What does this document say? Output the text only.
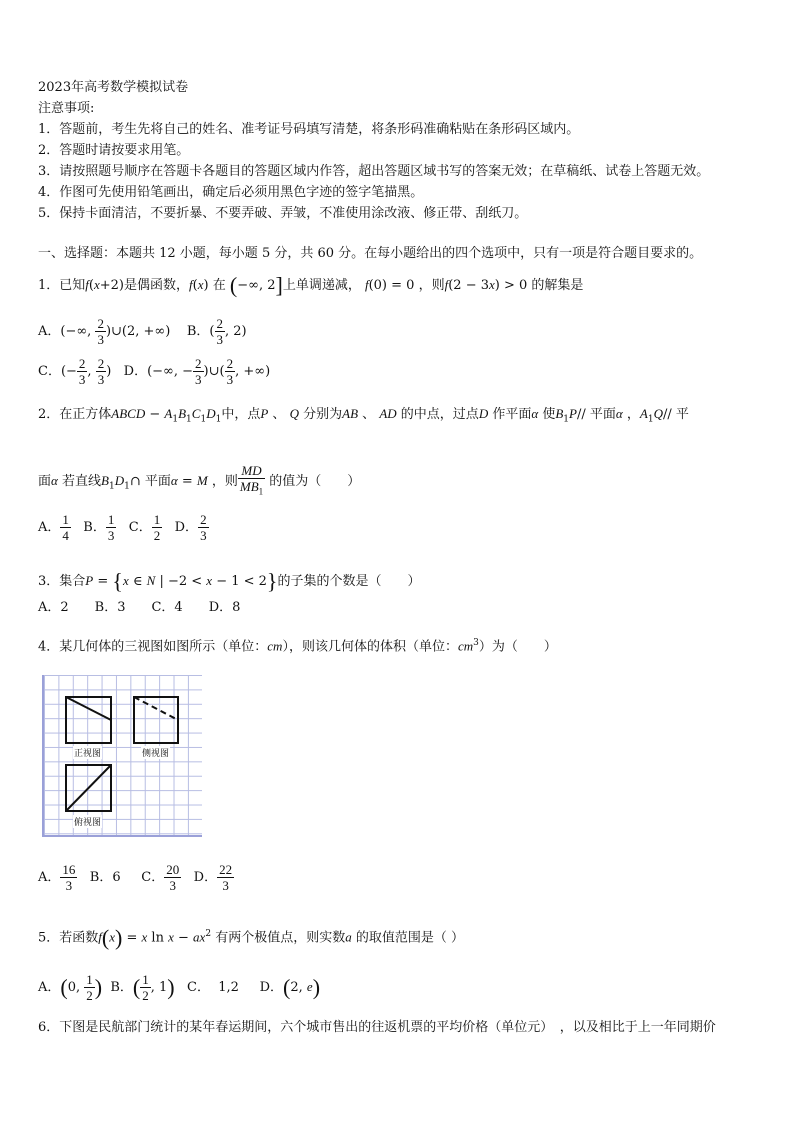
2023年高考数学模拟试卷
注意事项:
1．答题前，考生先将自己的姓名、准考证号码填写清楚，将条形码准确粘贴在条形码区域内。
2．答题时请按要求用笔。
3．请按照题号顺序在答题卡各题目的答题区域内作答，超出答题区域书写的答案无效；在草稿纸、试卷上答题无效。
4．作图可先使用铅笔画出，确定后必须用黑色字迹的签字笔描黑。
5．保持卡面清洁，不要折暴、不要弄破、弄皱，不准使用涂改液、修正带、刮纸刀。
一、选择题：本题共 12 小题，每小题 5 分，共 60 分。在每小题给出的四个选项中，只有一项是符合题目要求的。
1．已知f(x+2)是偶函数，f(x) 在 (−∞, 2]上单调递减， f(0) = 0 ，则f(2 − 3x) > 0 的解集是
A．(−∞, $\frac{2}{3}$ )∪(2, +∞)    B．( $\frac{2}{3}$ , 2)
C．(− $\frac{2}{3}$ , $\frac{2}{3}$ )   D．(−∞, − $\frac{2}{3}$ )∪( $\frac{2}{3}$ , +∞)
2．在正方体ABCD − $A_1B_1C_1D_1$中，点P 、 Q 分别为AB 、 AD 的中点，过点D 作平面α 使$B_1P//$ 平面α ，$A_1Q//$ 平
面α 若直线$B_1D_1\cap$ 平面α = M ，则 $\frac{MD}{MB_1}$ 的值为（　　）
A． $\frac{1}{4}$ B． $\frac{1}{3}$ C． $\frac{1}{2}$ D． $\frac{2}{3}$
3．集合P = {x ∈ N | −2 < x − 1 < 2}的子集的个数是（　　）
A．2　　B．3　　C．4　　D．8
4．某几何体的三视图如图所示（单位：cm），则该几何体的体积（单位：$cm^3$）为（　　）
正视图	侧视图
俯视图
A． $\frac{16}{3}$ B．6 C． $\frac{20}{3}$ D． $\frac{22}{3}$
5．若函数f(x) = x $\ln x - ax^2$ 有两个极值点，则实数a 的取值范围是（ ）
A．(0, $\frac{1}{2}$ ) B．( $\frac{1}{2}$ , 1) C． 1,2 D．(2, e)
6．下图是民航部门统计的某年春运期间，六个城市售出的往返机票的平均价格（单位元）　，以及相比于上一年同期价
